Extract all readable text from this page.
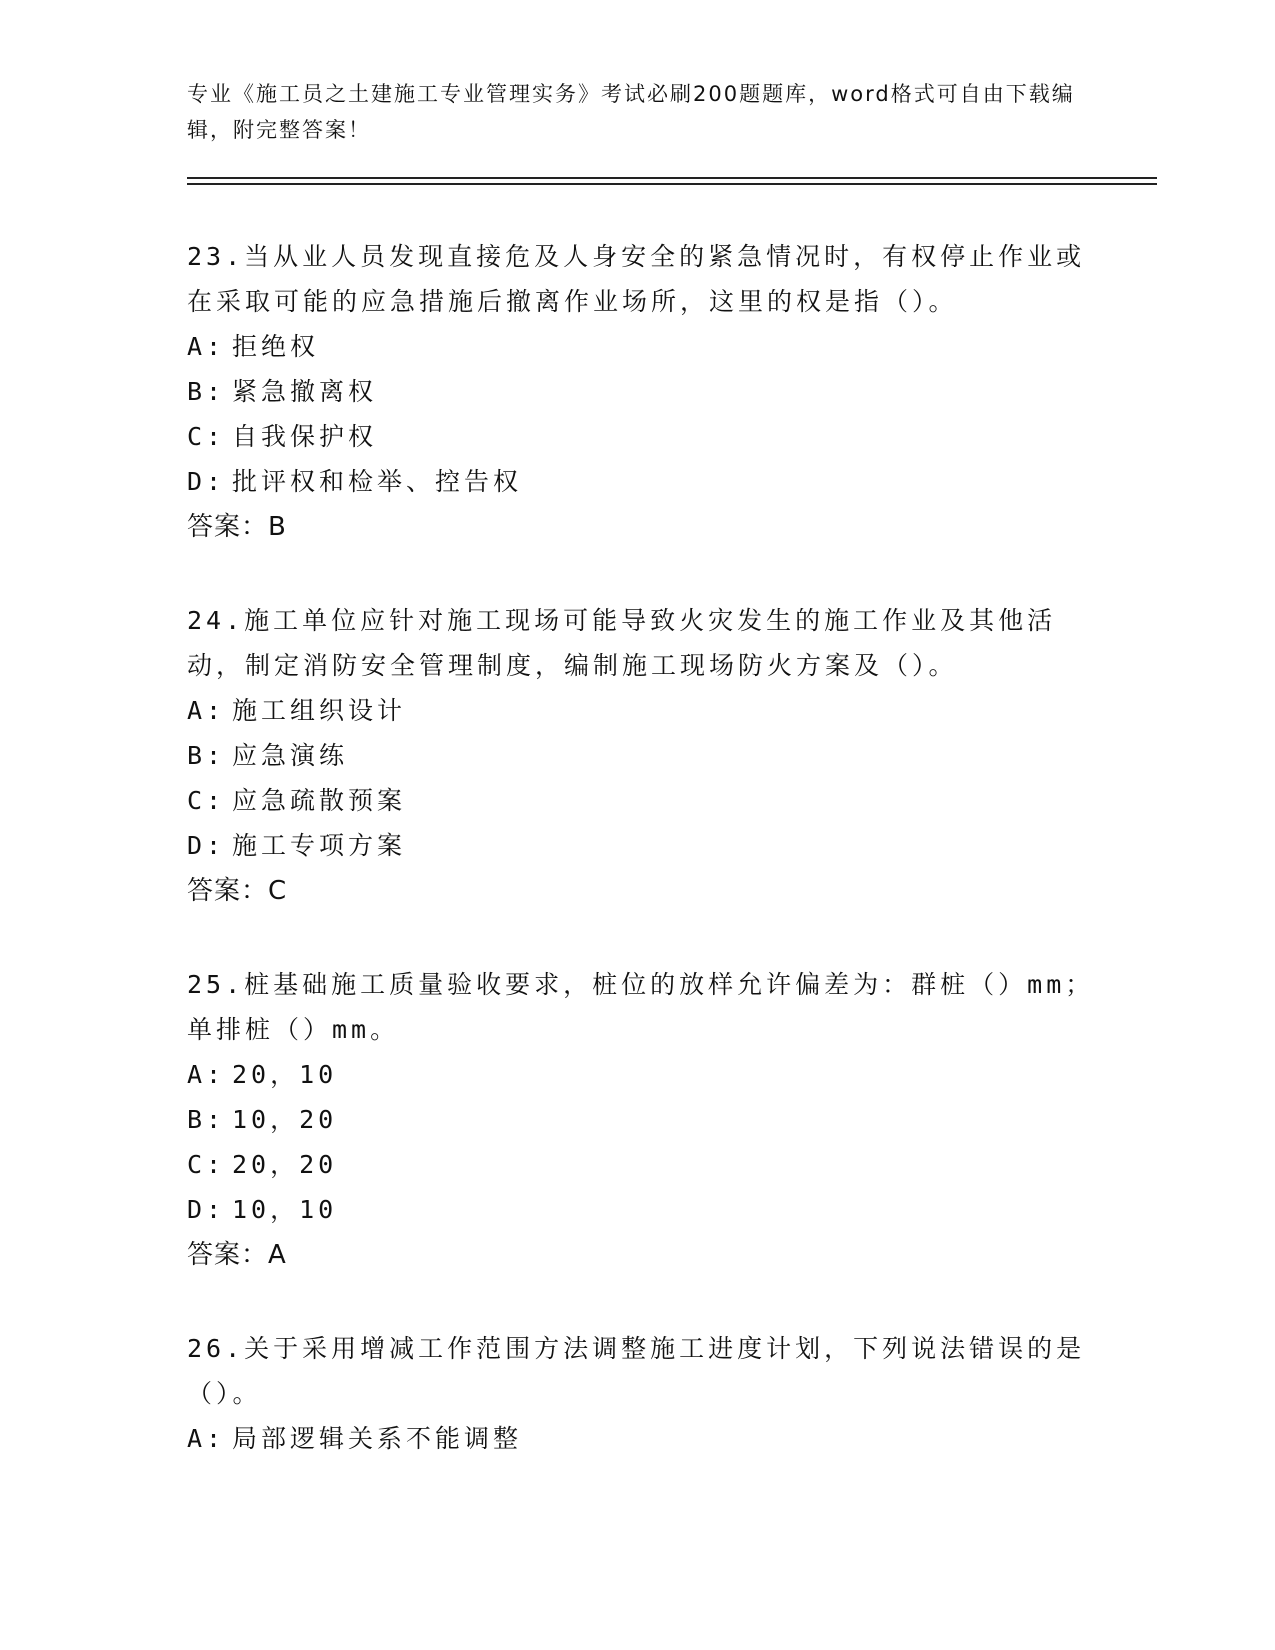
专业《施工员之土建施工专业管理实务》考试必刷200题题库，word格式可自由下载编辑，附完整答案！

23.当从业人员发现直接危及人身安全的紧急情况时，有权停止作业或在采取可能的应急措施后撤离作业场所，这里的权是指（）。

A: 拒绝权
B: 紧急撤离权
C: 自我保护权
D: 批评权和检举、控告权

答案：B

24.施工单位应针对施工现场可能导致火灾发生的施工作业及其他活动，制定消防安全管理制度，编制施工现场防火方案及（）。

A: 施工组织设计
B: 应急演练
C: 应急疏散预案
D: 施工专项方案

答案：C

25.桩基础施工质量验收要求，桩位的放样允许偏差为：群桩（）mm；单排桩（）mm。

A: 20，10
B: 10，20
C: 20，20
D: 10，10

答案：A

26.关于采用增减工作范围方法调整施工进度计划，下列说法错误的是（）。

A: 局部逻辑关系不能调整
